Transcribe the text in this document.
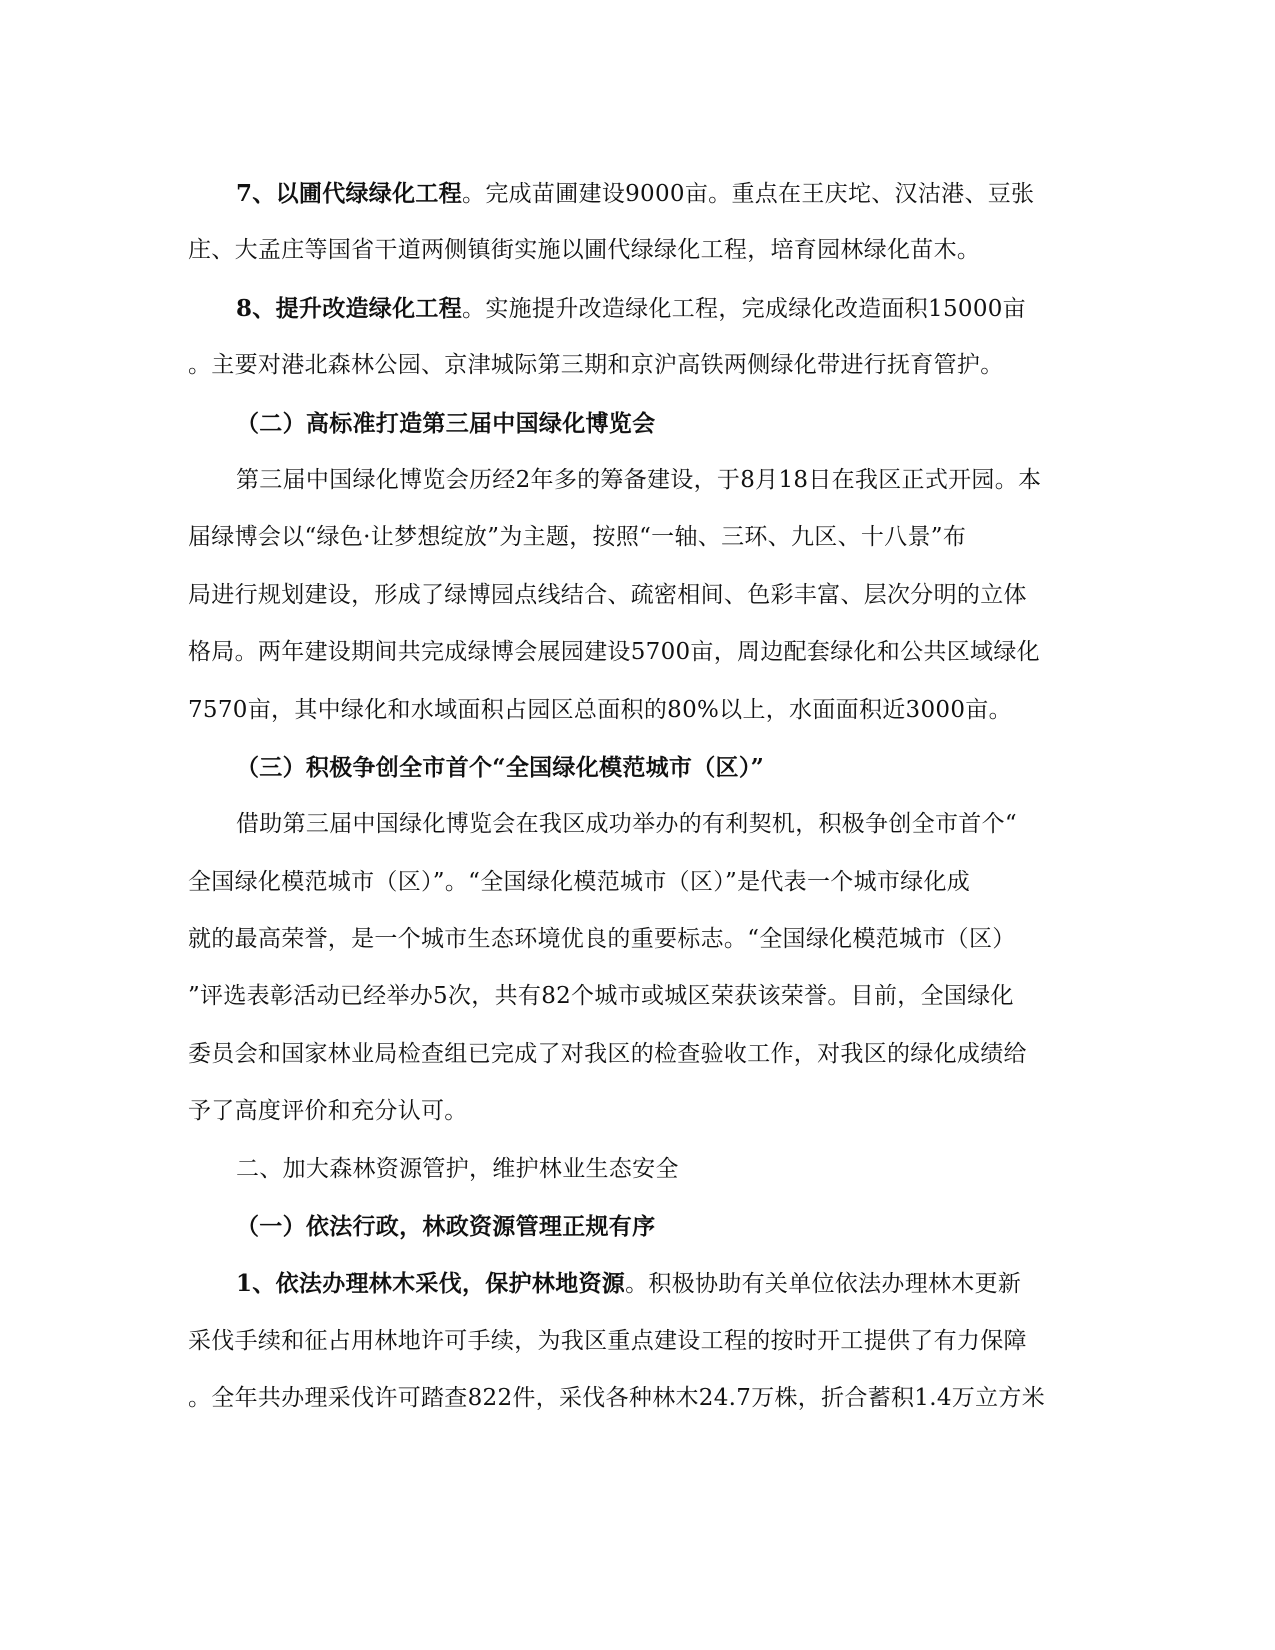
7、以圃代绿绿化工程。完成苗圃建设9000亩。重点在王庆坨、汉沽港、豆张
庄、大孟庄等国省干道两侧镇街实施以圃代绿绿化工程，培育园林绿化苗木。
8、提升改造绿化工程。实施提升改造绿化工程，完成绿化改造面积15000亩
。主要对港北森林公园、京津城际第三期和京沪高铁两侧绿化带进行抚育管护。
（二）高标准打造第三届中国绿化博览会
第三届中国绿化博览会历经2年多的筹备建设，于8月18日在我区正式开园。本
届绿博会以“绿色·让梦想绽放”为主题，按照“一轴、三环、九区、十八景”布
局进行规划建设，形成了绿博园点线结合、疏密相间、色彩丰富、层次分明的立体
格局。两年建设期间共完成绿博会展园建设5700亩，周边配套绿化和公共区域绿化
7570亩，其中绿化和水域面积占园区总面积的80%以上，水面面积近3000亩。
（三）积极争创全市首个“全国绿化模范城市（区）”
借助第三届中国绿化博览会在我区成功举办的有利契机，积极争创全市首个“
全国绿化模范城市（区）”。“全国绿化模范城市（区）”是代表一个城市绿化成
就的最高荣誉，是一个城市生态环境优良的重要标志。“全国绿化模范城市（区）
”评选表彰活动已经举办5次，共有82个城市或城区荣获该荣誉。目前，全国绿化
委员会和国家林业局检查组已完成了对我区的检查验收工作，对我区的绿化成绩给
予了高度评价和充分认可。
二、加大森林资源管护，维护林业生态安全
（一）依法行政，林政资源管理正规有序
1、依法办理林木采伐，保护林地资源。积极协助有关单位依法办理林木更新
采伐手续和征占用林地许可手续，为我区重点建设工程的按时开工提供了有力保障
。全年共办理采伐许可踏查822件，采伐各种林木24.7万株，折合蓄积1.4万立方米
